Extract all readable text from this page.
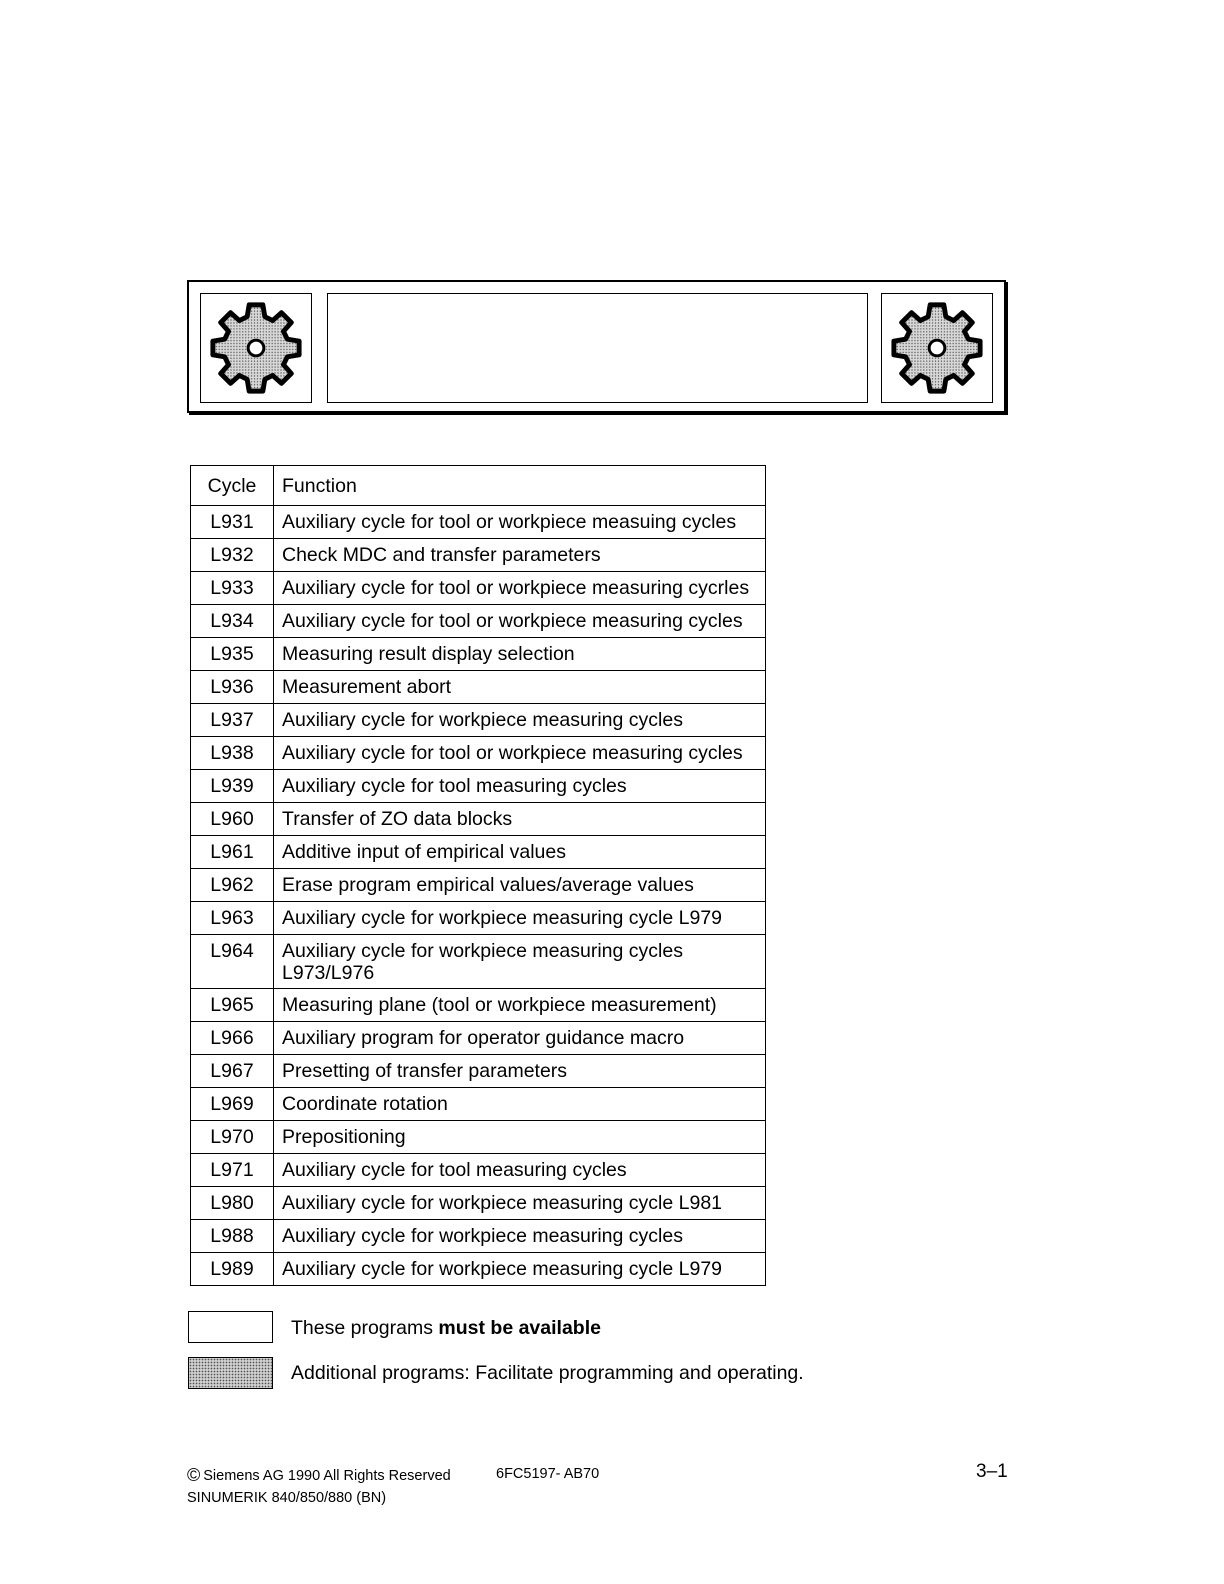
Cycle	Function

L931	Auxiliary cycle for tool or workpiece measuing cycles

L932	Check MDC and transfer parameters

L933	Auxiliary cycle for tool or workpiece measuring cycrles

L934	Auxiliary cycle for tool or workpiece measuring cycles

L935	Measuring result display selection

L936	Measurement abort

L937	Auxiliary cycle for workpiece measuring cycles

L938	Auxiliary cycle for tool or workpiece measuring cycles

L939	Auxiliary cycle for tool measuring cycles

L960	Transfer of ZO data blocks

L961	Additive input of empirical values

L962	Erase program empirical values/average values

L963	Auxiliary cycle for workpiece measuring cycle L979

L964	Auxiliary cycle for workpiece measuring cycles
L973/L976

L965	Measuring plane (tool or workpiece measurement)

L966	Auxiliary program for operator guidance macro

L967	Presetting of transfer parameters

L969	Coordinate rotation

L970	Prepositioning

L971	Auxiliary cycle for tool measuring cycles

L980	Auxiliary cycle for workpiece measuring cycle L981

L988	Auxiliary cycle for workpiece measuring cycles

L989	Auxiliary cycle for workpiece measuring cycle L979
These programs must be available
Additional programs: Facilitate programming and operating.
© Siemens AG 1990 All Rights Reserved	6FC5197- AB70	3–1
SINUMERIK 840/850/880 (BN)
